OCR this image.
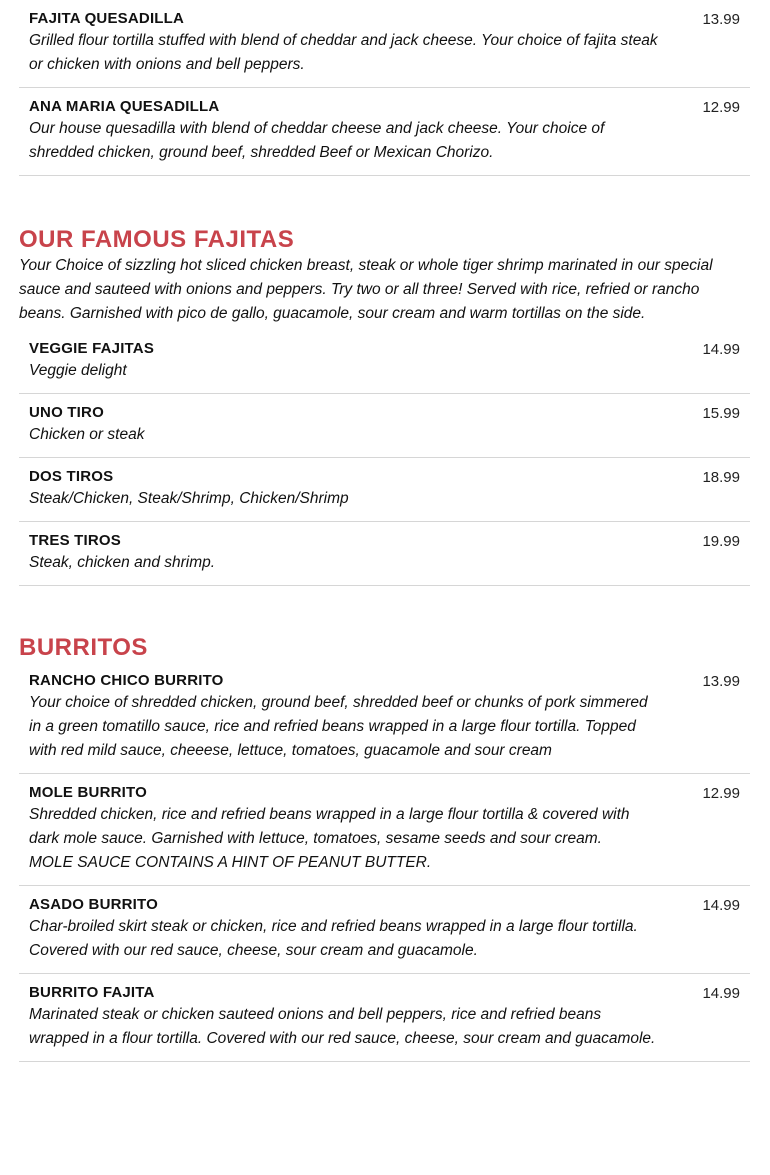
FAJITA QUESADILLA	13.99
Grilled flour tortilla stuffed with blend of cheddar and jack cheese. Your choice of fajita steak or chicken with onions and bell peppers.
ANA MARIA QUESADILLA	12.99
Our house quesadilla with blend of cheddar cheese and jack cheese. Your choice of shredded chicken, ground beef, shredded Beef or Mexican Chorizo.
OUR FAMOUS FAJITAS

Your Choice of sizzling hot sliced chicken breast, steak or whole tiger shrimp marinated in our special sauce and sauteed with onions and peppers. Try two or all three! Served with rice, refried or rancho beans. Garnished with pico de gallo, guacamole, sour cream and warm tortillas on the side.

VEGGIE FAJITAS	14.99
Veggie delight
UNO TIRO	15.99
Chicken or steak
DOS TIROS	18.99
Steak/Chicken, Steak/Shrimp, Chicken/Shrimp
TRES TIROS	19.99
Steak, chicken and shrimp.
BURRITOS
RANCHO CHICO BURRITO	13.99
Your choice of shredded chicken, ground beef, shredded beef or chunks of pork simmered in a green tomatillo sauce, rice and refried beans wrapped in a large flour tortilla. Topped with red mild sauce, cheeese, lettuce, tomatoes, guacamole and sour cream
MOLE BURRITO	12.99
Shredded chicken, rice and refried beans wrapped in a large flour tortilla & covered with dark mole sauce. Garnished with lettuce, tomatoes, sesame seeds and sour cream.
MOLE SAUCE CONTAINS A HINT OF PEANUT BUTTER.
ASADO BURRITO	14.99
Char-broiled skirt steak or chicken, rice and refried beans wrapped in a large flour tortilla. Covered with our red sauce, cheese, sour cream and guacamole.
BURRITO FAJITA	14.99
Marinated steak or chicken sauteed onions and bell peppers, rice and refried beans wrapped in a flour tortilla. Covered with our red sauce, cheese, sour cream and guacamole.
